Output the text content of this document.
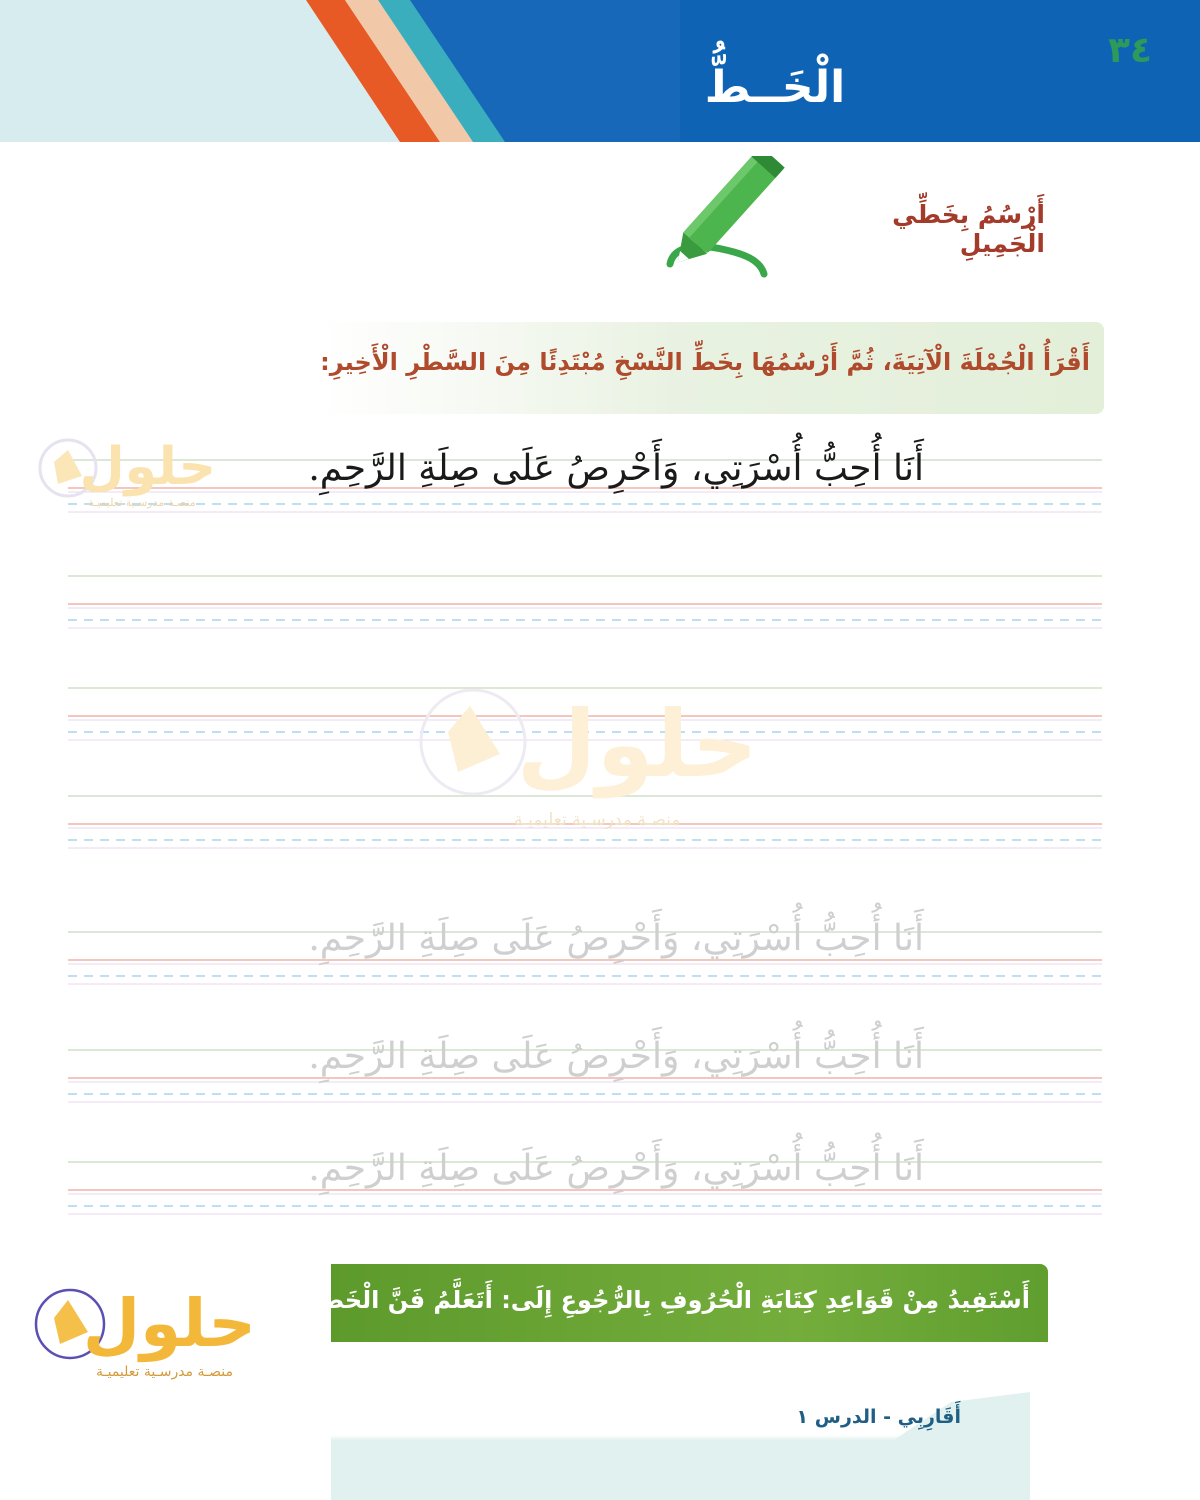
٣٤
الْخَــطُّ
أَرْسُمُ بِخَطِّي الْجَمِيلِ
أَقْرَأُ الْجُمْلَةَ الْآتِيَةَ، ثُمَّ أَرْسُمُهَا بِخَطِّ النَّسْخِ مُبْتَدِئًا مِنَ السَّطْرِ الْأَخِيرِ:
أَنَا أُحِبُّ أُسْرَتِي، وَأَحْرِصُ عَلَى صِلَةِ الرَّحِمِ.
أَنَا أُحِبُّ أُسْرَتِي، وَأَحْرِصُ عَلَى صِلَةِ الرَّحِمِ.
أَنَا أُحِبُّ أُسْرَتِي، وَأَحْرِصُ عَلَى صِلَةِ الرَّحِمِ.
أَنَا أُحِبُّ أُسْرَتِي، وَأَحْرِصُ عَلَى صِلَةِ الرَّحِمِ.
حلول
منصـة مدرسـية تعليميـة
حلول
منصـة مدرسـية تعليميـة
حلول
منصـة مدرسـية تعليميـة
أَسْتَفِيدُ مِنْ قَوَاعِدِ كِتَابَةِ الْحُرُوفِ بِالرُّجُوعِ إِلَى: أَتَعَلَّمُ فَنَّ الْخَطِّ
أَقَارِبِي - الدرس ١
